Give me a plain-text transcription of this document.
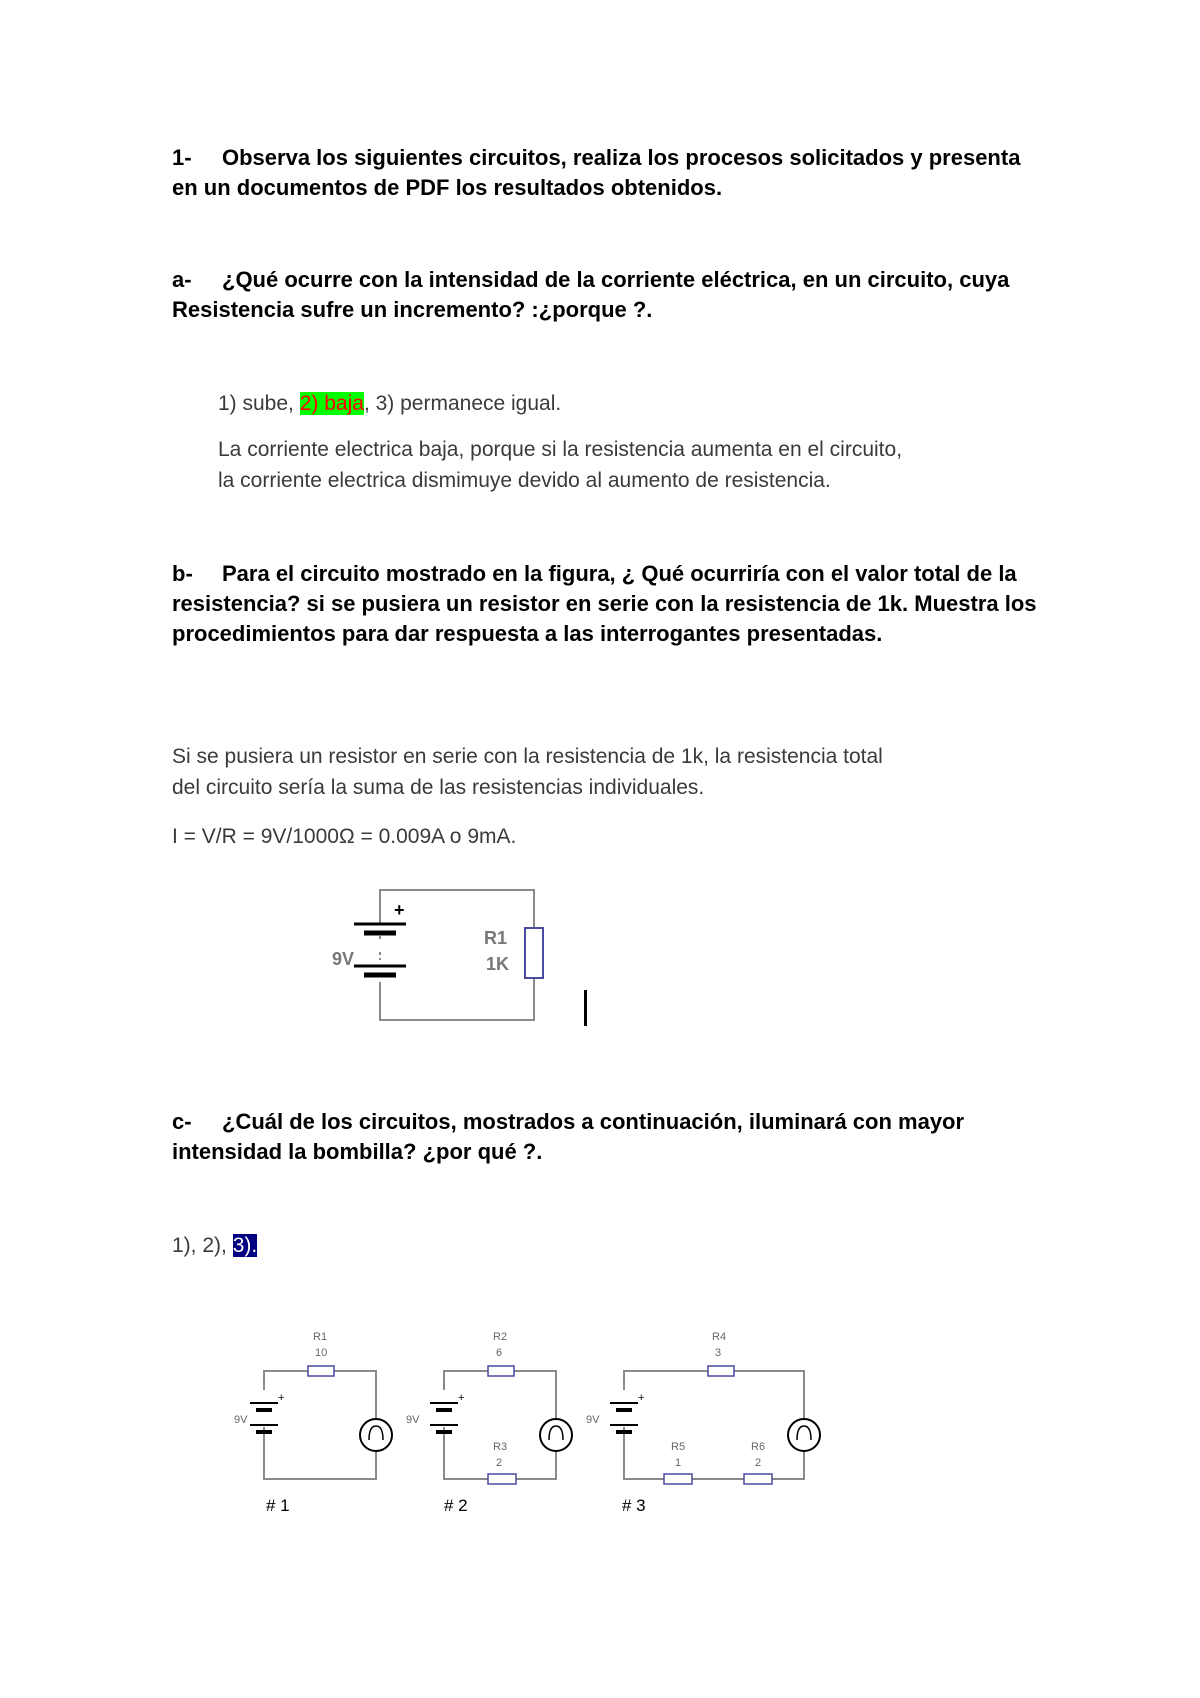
1- Observa los siguientes circuitos, realiza los procesos solicitados y presenta en un documentos de PDF los resultados obtenidos.
a- ¿Qué ocurre con la intensidad de la corriente eléctrica, en un circuito, cuya Resistencia sufre un incremento? :¿porque ?.
1) sube, 2) baja, 3) permanece igual.
La corriente electrica baja, porque si la resistencia aumenta en el circuito,
la corriente electrica dismimuye devido al aumento de resistencia.
b- Para el circuito mostrado en la figura, ¿ Qué ocurriría con el valor total de la resistencia? si se pusiera un resistor en serie con la resistencia de 1k. Muestra los procedimientos para dar respuesta a las interrogantes presentadas.
Si se pusiera un resistor en serie con la resistencia de 1k, la resistencia total
del circuito sería la suma de las resistencias individuales.
I = V/R = 9V/1000Ω = 0.009A o 9mA.
+
9V
R1
1K
c- ¿Cuál de los circuitos, mostrados a continuación, iluminará con mayor intensidad la bombilla? ¿por qué ?.
1), 2), 3).
+
9V
R1
10
# 1
+
9V
R2
6
R3
2
# 2
+
9V
R4
3
R5
1
R6
2
# 3
